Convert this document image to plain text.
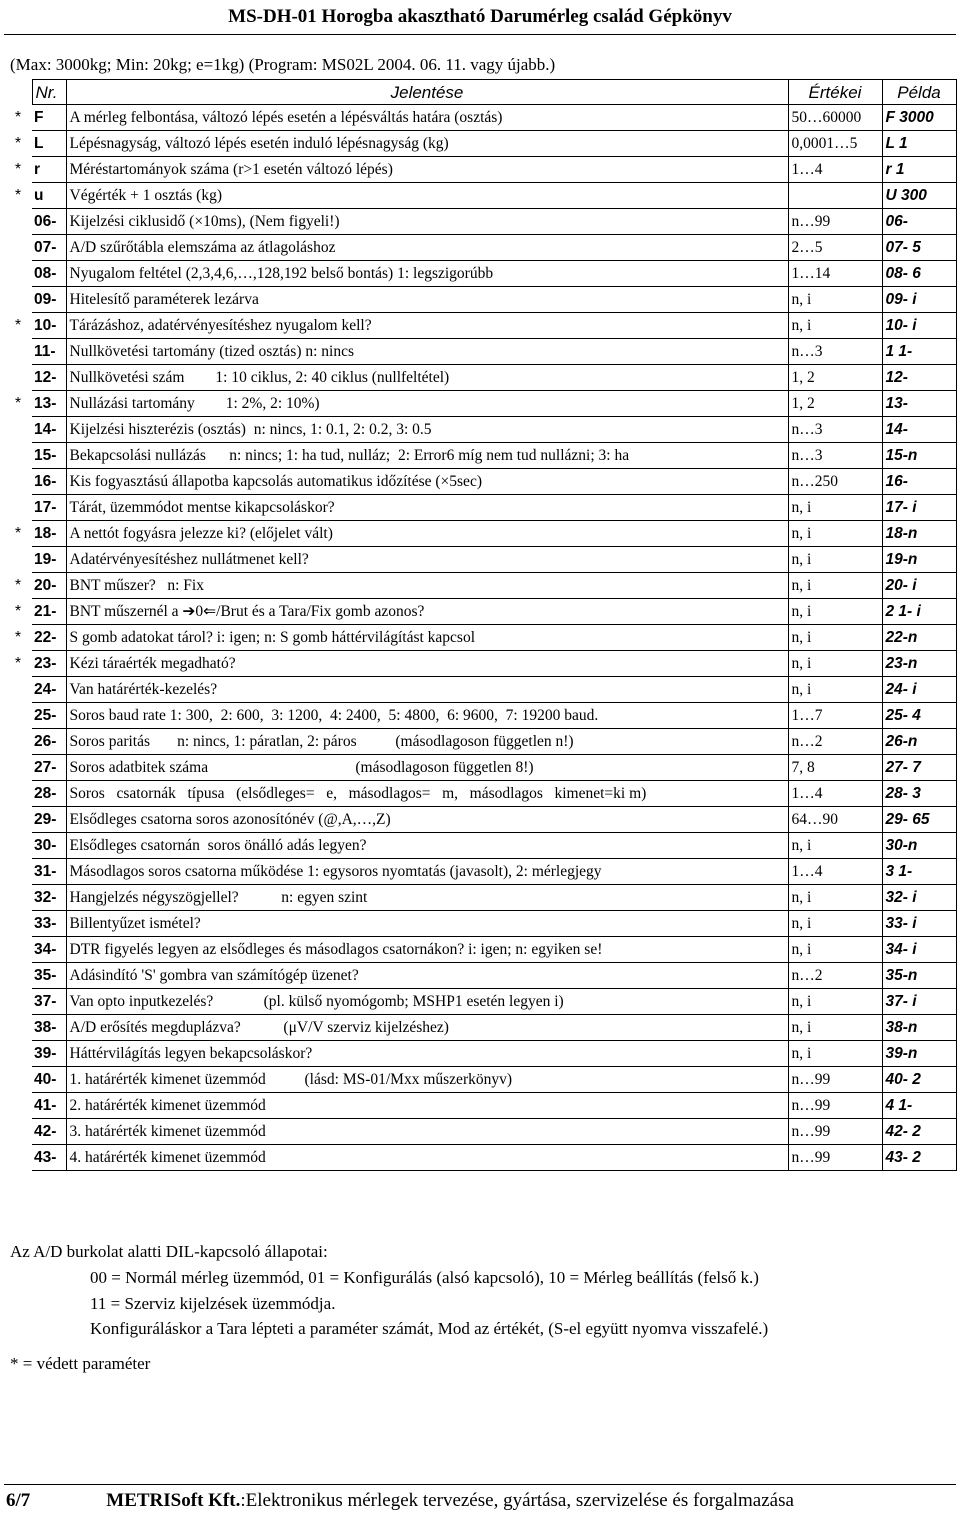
MS-DH-01 Horogba akasztható Darumérleg család Gépkönyv
(Max: 3000kg; Min: 20kg; e=1kg) (Program: MS02L 2004. 06. 11. vagy újabb.)
	Nr.	Jelentése	Értékei	Példa
*	F	A mérleg felbontása, változó lépés esetén a lépésváltás határa (osztás)	50…60000	F 3000
*	L	Lépésnagyság, változó lépés esetén induló lépésnagyság (kg)	0,0001…5	L 1
*	r	Méréstartományok száma (r>1 esetén változó lépés)	1…4	r 1
*	u	Végérték + 1 osztás (kg)		U 300
	06-	Kijelzési ciklusidő (×10ms), (Nem figyeli!)	n…99	06-
	07-	A/D szűrőtábla elemszáma az átlagoláshoz	2…5	07- 5
	08-	Nyugalom feltétel (2,3,4,6,…,128,192 belső bontás) 1: legszigorúbb	1…14	08- 6
	09-	Hitelesítő paraméterek lezárva	n, i	09- i
*	10-	Tárázáshoz, adatérvényesítéshez nyugalom kell?	n, i	10- i
	11-	Nullkövetési tartomány (tized osztás) n: nincs	n…3	1 1-
	12-	Nullkövetési szám        1: 10 ciklus, 2: 40 ciklus (nullfeltétel)	1, 2	12-
*	13-	Nullázási tartomány        1: 2%, 2: 10%)	1, 2	13-
	14-	Kijelzési hiszterézis (osztás)  n: nincs, 1: 0.1, 2: 0.2, 3: 0.5	n…3	14-
	15-	Bekapcsolási nullázás      n: nincs; 1: ha tud, nulláz;  2: Error6 míg nem tud nullázni; 3: ha	n…3	15-n
	16-	Kis fogyasztású állapotba kapcsolás automatikus időzítése (×5sec)	n…250	16-
	17-	Tárát, üzemmódot mentse kikapcsoláskor?	n, i	17- i
*	18-	A nettót fogyásra jelezze ki? (előjelet vált)	n, i	18-n
	19-	Adatérvényesítéshez nullátmenet kell?	n, i	19-n
*	20-	BNT műszer?   n: Fix	n, i	20- i
*	21-	BNT műszernél a ➔0⇐/Brut és a Tara/Fix gomb azonos?	n, i	2 1- i
*	22-	S gomb adatokat tárol? i: igen; n: S gomb háttérvilágítást kapcsol	n, i	22-n
*	23-	Kézi táraérték megadható?	n, i	23-n
	24-	Van határérték-kezelés?	n, i	24- i
	25-	Soros baud rate 1: 300,  2: 600,  3: 1200,  4: 2400,  5: 4800,  6: 9600,  7: 19200 baud.	1…7	25- 4
	26-	Soros paritás       n: nincs, 1: páratlan, 2: páros          (másodlagoson független n!)	n…2	26-n
	27-	Soros adatbitek száma                                      (másodlagoson független 8!)	7, 8	27- 7
	28-	Soros   csatornák   típusa   (elsődleges=   e,   másodlagos=   m,   másodlagos   kimenet=ki m)	1…4	28- 3
	29-	Elsődleges csatorna soros azonosítónév (@,A,…,Z)	64…90	29- 65
	30-	Elsődleges csatornán  soros önálló adás legyen?	n, i	30-n
	31-	Másodlagos soros csatorna működése 1: egysoros nyomtatás (javasolt), 2: mérlegjegy	1…4	3 1-
	32-	Hangjelzés négyszögjellel?           n: egyen szint	n, i	32- i
	33-	Billentyűzet ismétel?	n, i	33- i
	34-	DTR figyelés legyen az elsődleges és másodlagos csatornákon? i: igen; n: egyiken se!	n, i	34- i
	35-	Adásindító 'S' gombra van számítógép üzenet?	n…2	35-n
	37-	Van opto inputkezelés?             (pl. külső nyomógomb; MSHP1 esetén legyen i)	n, i	37- i
	38-	A/D erősítés megduplázva?           (μV/V szerviz kijelzéshez)	n, i	38-n
	39-	Háttérvilágítás legyen bekapcsoláskor?	n, i	39-n
	40-	1. határérték kimenet üzemmód          (lásd: MS-01/Mxx műszerkönyv)	n…99	40- 2
	41-	2. határérték kimenet üzemmód	n…99	4 1-
	42-	3. határérték kimenet üzemmód	n…99	42- 2
	43-	4. határérték kimenet üzemmód	n…99	43- 2
Az A/D burkolat alatti DIL-kapcsoló állapotai:
00 = Normál mérleg üzemmód, 01 = Konfigurálás (alsó kapcsoló), 10 = Mérleg beállítás (felső k.)
11 = Szerviz kijelzések üzemmódja.
Konfiguráláskor a Tara lépteti a paraméter számát, Mod az értékét, (S-el együtt nyomva visszafelé.)
* = védett paraméter
6/7	METRISoft Kft.:Elektronikus mérlegek tervezése, gyártása, szervizelése és forgalmazása
